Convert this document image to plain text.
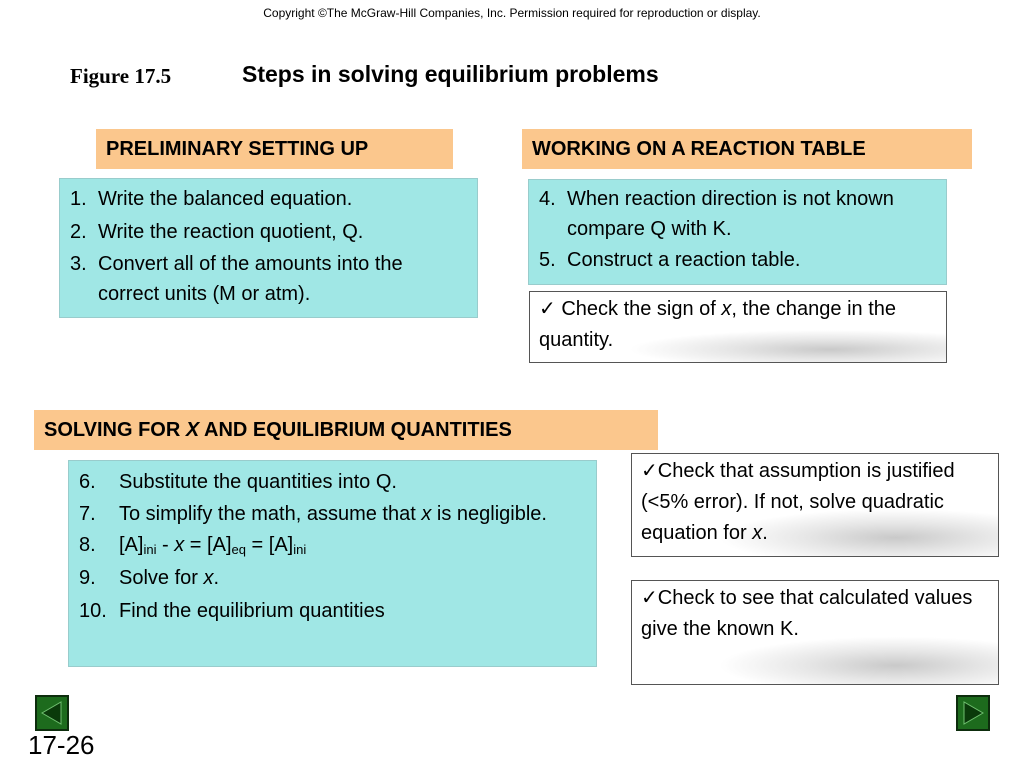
Copyright ©The McGraw-Hill Companies, Inc. Permission required for reproduction or display.
Figure 17.5	Steps in solving equilibrium problems
PRELIMINARY SETTING UP
1. Write the balanced equation.
2. Write the reaction quotient, Q.
3. Convert all of the amounts into the correct units (M or atm).
WORKING ON A REACTION TABLE
4. When reaction direction is not known compare Q with K.
5. Construct a reaction table.
✓ Check the sign of x, the change in the quantity.
SOLVING FOR X AND EQUILIBRIUM QUANTITIES
6.	Substitute the quantities into Q.
7.	To simplify the math, assume that x is negligible.
8.	$[A]_{ini} - x = [A]_{eq} = [A]_{ini}$
9.	Solve for x.
10. Find the equilibrium quantities
✓Check that assumption is justified (<5% error). If not, solve quadratic equation for x.
✓Check to see that calculated values give the known K.
17-26
